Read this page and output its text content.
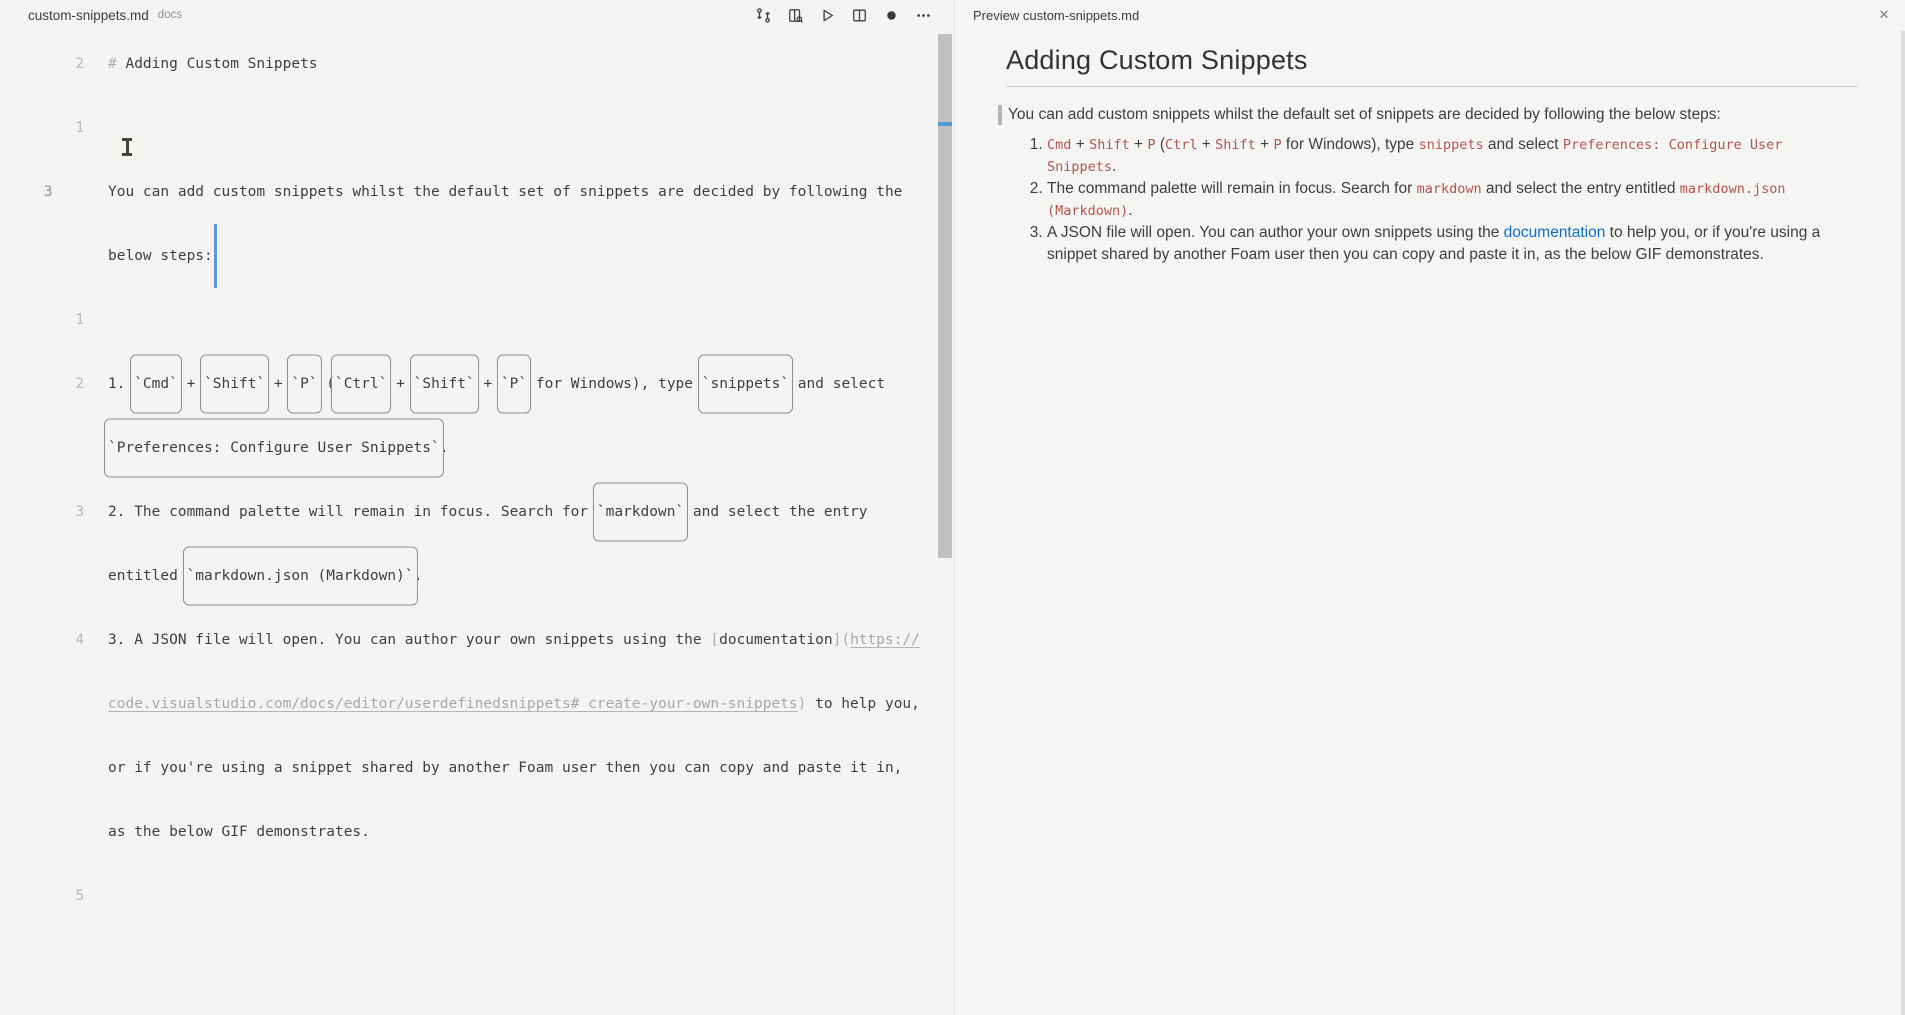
custom-snippets.md docs
2 # Adding Custom Snippets
1
3	You can add custom snippets whilst the default set of snippets are decided by following the
below steps:
1
2 1. `Cmd` + `Shift` + `P` (`Ctrl` + `Shift` + `P` for Windows), type `snippets` and select
`Preferences: Configure User Snippets`.
3 2. The command palette will remain in focus. Search for `markdown` and select the entry
entitled `markdown.json (Markdown)`.
4 3. A JSON file will open. You can author your own snippets using the [documentation](https://
code.visualstudio.com/docs/editor/userdefinedsnippets#_create-your-own-snippets) to help you,
or if you're using a snippet shared by another Foam user then you can copy and paste it in,
as the below GIF demonstrates.
5
Preview custom-snippets.md	✕
Adding Custom Snippets

You can add custom snippets whilst the default set of snippets are decided by following the below steps:

1. Cmd + Shift + P (Ctrl + Shift + P for Windows), type snippets and select Preferences: Configure User Snippets.
2. The command palette will remain in focus. Search for markdown and select the entry entitled markdown.json (Markdown).
3. A JSON file will open. You can author your own snippets using the documentation to help you, or if you're using a snippet shared by another Foam user then you can copy and paste it in, as the below GIF demonstrates.
